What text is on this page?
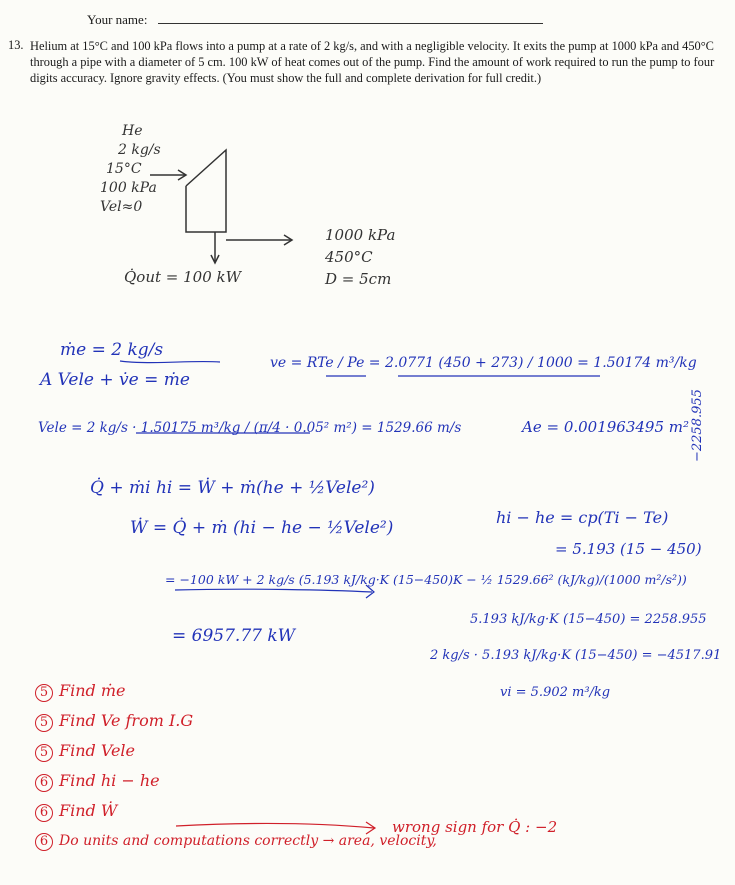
Your name:
13. Helium at 15°C and 100 kPa flows into a pump at a rate of 2 kg/s, and with a negligible velocity. It exits the pump at 1000 kPa and 450°C through a pipe with a diameter of 5 cm. 100 kW of heat comes out of the pump. Find the amount of work required to run the pump to four digits accuracy. Ignore gravity effects. (You must show the full and complete derivation for full credit.)
He
2 kg/s
15°C
100 kPa
Vel≈0
1000 kPa
450°C
D = 5cm
Q̇out = 100 kW
ṁe = 2 kg/s
A Vele + v̇e = ṁe
ve = RTe / Pe = 2.0771 (450 + 273) / 1000 = 1.50174 m³/kg
Vele = 2 kg/s · 1.50175 m³/kg / (π/4 · 0.05² m²) = 1529.66 m/s	Ae = 0.001963495 m²
Q̇ + ṁi hi = Ẇ + ṁ(he + ½Vele²)
Ẇ = Q̇ + ṁ (hi − he − ½Vele²)
= −100 kW + 2 kg/s (5.193 kJ/kg·K (15−450)K − ½ 1529.66² (kJ/kg)/(1000 m²/s²))
= 6957.77 kW
hi − he = cp(Ti − Te)
= 5.193 (15 − 450)
−2258.955
5.193 kJ/kg·K (15−450) = 2258.955
2 kg/s · 5.193 kJ/kg·K (15−450) = −4517.91
vi = 5.902 m³/kg
5 Find ṁe
5 Find Ve from I.G
5 Find Vele
6 Find hi − he
6 Find Ẇ
6 Do units and computations correctly → area, velocity,
wrong sign for Q̇ : −2
